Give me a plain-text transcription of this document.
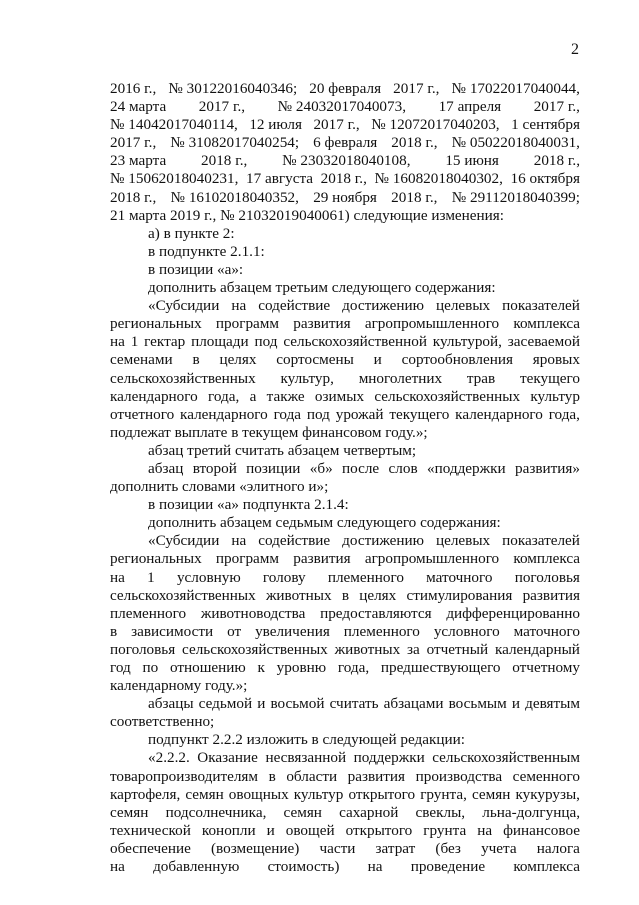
2
2016 г., № 30122016040346; 20 февраля 2017 г., № 17022017040044,
24 марта 2017 г., № 24032017040073, 17 апреля 2017 г.,
№ 14042017040114, 12 июля 2017 г., № 12072017040203, 1 сентября
2017 г., № 31082017040254; 6 февраля 2018 г., № 05022018040031,
23 марта 2018 г., № 23032018040108, 15 июня 2018 г.,
№ 15062018040231, 17 августа 2018 г., № 16082018040302, 16 октября
2018 г., № 16102018040352, 29 ноября 2018 г., № 29112018040399;
21 марта 2019 г., № 21032019040061) следующие изменения:
а) в пункте 2:
в подпункте 2.1.1:
в позиции «а»:
дополнить абзацем третьим следующего содержания:
«Субсидии на содействие достижению целевых показателей
региональных программ развития агропромышленного комплекса
на 1 гектар площади под сельскохозяйственной культурой, засеваемой
семенами в целях сортосмены и сортообновления яровых
сельскохозяйственных культур, многолетних трав текущего
календарного года, а также озимых сельскохозяйственных культур
отчетного календарного года под урожай текущего календарного года,
подлежат выплате в текущем финансовом году.»;
абзац третий считать абзацем четвертым;
абзац второй позиции «б» после слов «поддержки развития»
дополнить словами «элитного и»;
в позиции «а» подпункта 2.1.4:
дополнить абзацем седьмым следующего содержания:
«Субсидии на содействие достижению целевых показателей
региональных программ развития агропромышленного комплекса
на 1 условную голову племенного маточного поголовья
сельскохозяйственных животных в целях стимулирования развития
племенного животноводства предоставляются дифференцированно
в зависимости от увеличения племенного условного маточного
поголовья сельскохозяйственных животных за отчетный календарный
год по отношению к уровню года, предшествующего отчетному
календарному году.»;
абзацы седьмой и восьмой считать абзацами восьмым и девятым
соответственно;
подпункт 2.2.2 изложить в следующей редакции:
«2.2.2. Оказание несвязанной поддержки сельскохозяйственным
товаропроизводителям в области развития производства семенного
картофеля, семян овощных культур открытого грунта, семян кукурузы,
семян подсолнечника, семян сахарной свеклы, льна-долгунца,
технической конопли и овощей открытого грунта на финансовое
обеспечение (возмещение) части затрат (без учета налога
на добавленную стоимость) на проведение комплекса
